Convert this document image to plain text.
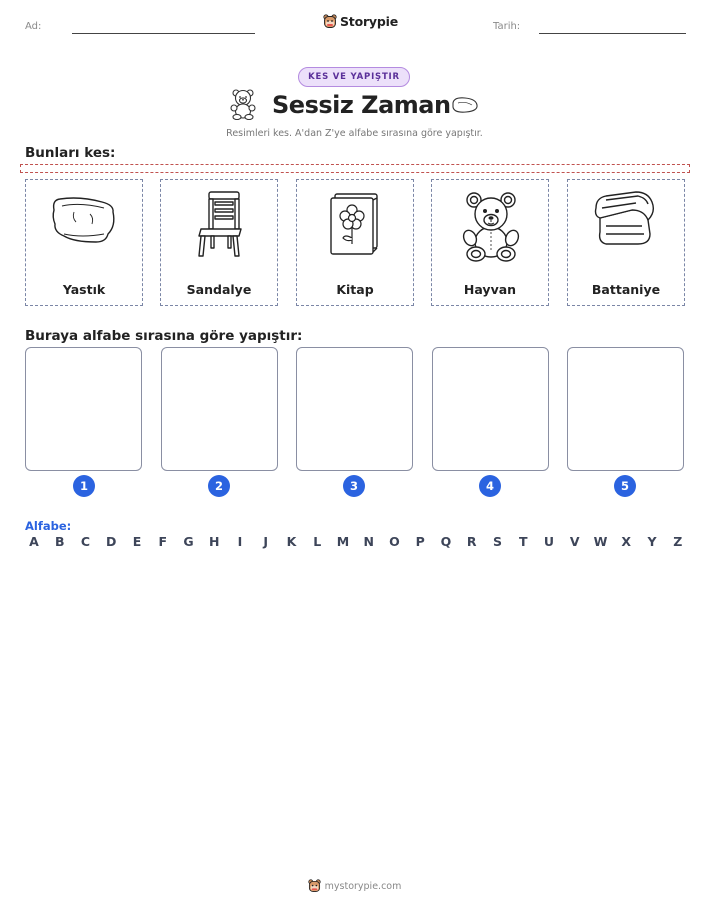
Ad:	Storypie	Tarih:
KES VE YAPIŞTIR
Sessiz Zaman
Resimleri kes. A'dan Z'ye alfabe sırasına göre yapıştır.
Bunları kes:
Yastık	Sandalye	Kitap	Hayvan	Battaniye
Buraya alfabe sırasına göre yapıştır:
1	2	3	4	5
Alfabe:
A B C D E F G H	I	J	K	L	M N O P Q R S T U V W X Y Z
mystorypie.com
